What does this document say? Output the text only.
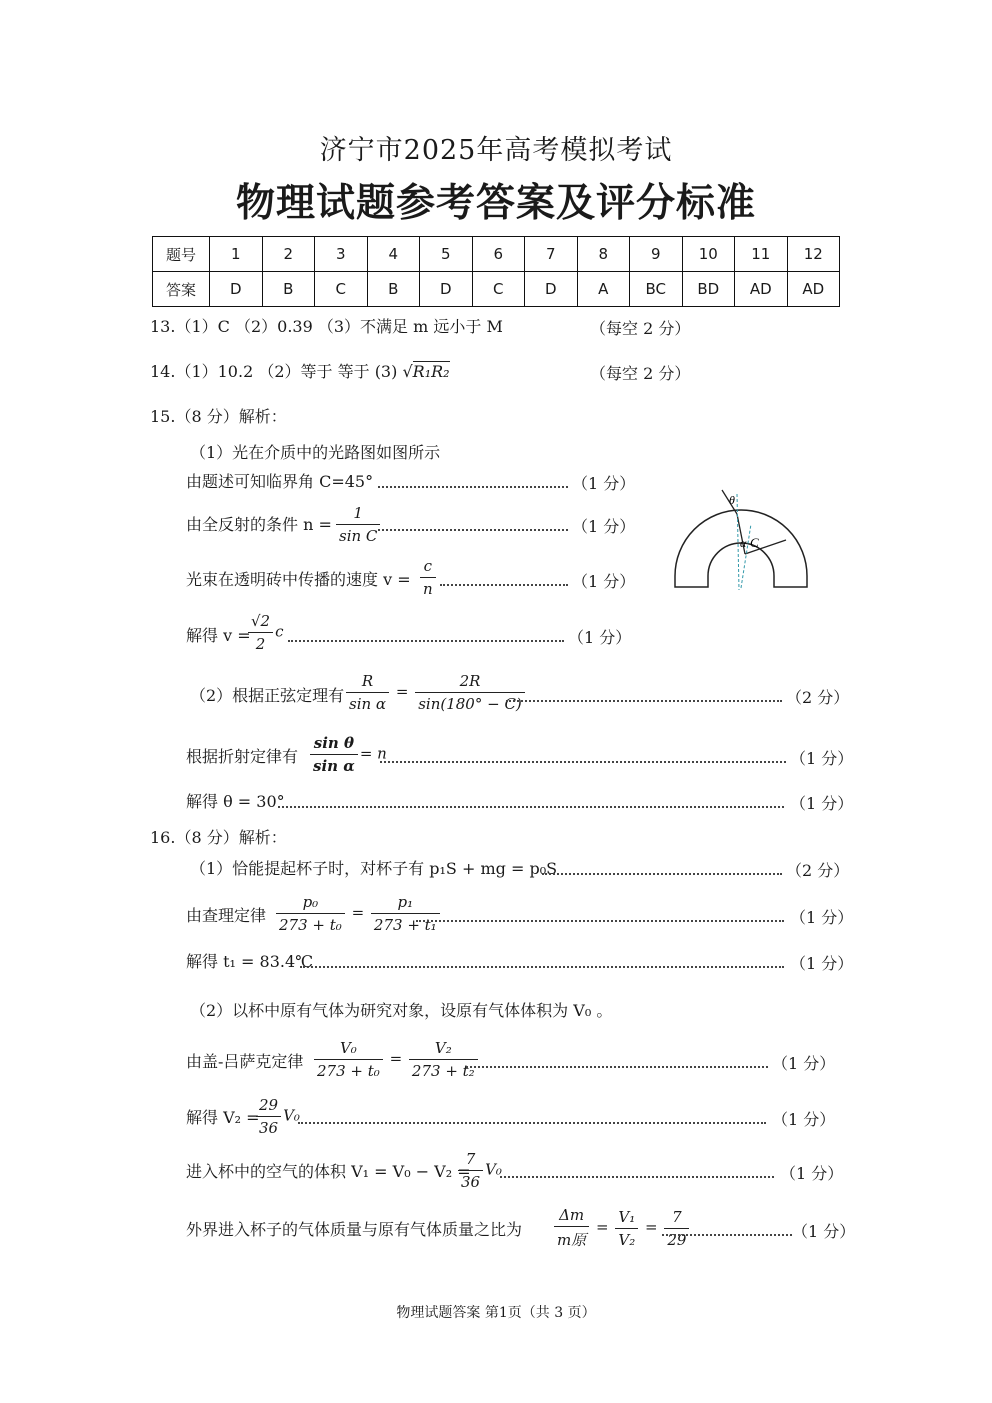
济宁市2025年高考模拟考试
物理试题参考答案及评分标准
题号	1	2	3	4	5	6	7	8	9	10	11	12
答案	D	B	C	B	D	C	D	A	BC	BD	AD	AD
13.（1）C （2）0.39 （3）不满足 m 远小于 M	（每空 2 分）
14.（1）10.2 （2）等于 等于 (3) √R₁R₂	（每空 2 分）
15.（8 分）解析：
（1）光在介质中的光路图如图所示
由题述可知临界角 C=45°	（1 分）
由全反射的条件 $n = \frac{1}{\text{sin C}}$	（1 分）
光束在透明砖中传播的速度 $v = \frac{c}{n}$	（1 分）
解得 v =
$\frac{√2}{2}$ c	（1 分）
（2）根据正弦定理有 $\frac{R}{\text{sin α}} = \frac{2R}{\sin(180^\circ - C)}$	（2 分）
根据折射定律有 $\frac{\text{sin θ}}{\text{sin α}} = n$	（1 分）
解得 θ = 30°	（1 分）
θ
α C
16.（8 分）解析：
（1）恰能提起杯子时，对杯子有 p₁S + mg = p₀S	（2 分）
由查理定律 $\frac{\text{p₀}}{\text{273 + t₀}} = \frac{\text{p₁}}{\text{273 + t₁}}$	（1 分）
解得 t₁ = 83.4℃	（1 分）
（2）以杯中原有气体为研究对象，设原有气体体积为 V₀ 。
由盖-吕萨克定律 $\frac{\text{V₀}}{\text{273 + t₀}} = \frac{\text{V₂}}{\text{273 + t₂}}$	（1 分）
解得 V₂ =
$\frac{29}{36} V_0$	（1 分）
进入杯中的空气的体积 V₁ = V₀ − V₂ =
$\frac{7}{36} V_0$	（1 分）
外界进入杯子的气体质量与原有气体质量之比为 $\frac{\Delta m}{\text{m原}} = \frac{\text{V₁}}{\text{V₂}} = \frac{7}{29}$	（1 分）
物理试题答案 第1页（共 3 页）
